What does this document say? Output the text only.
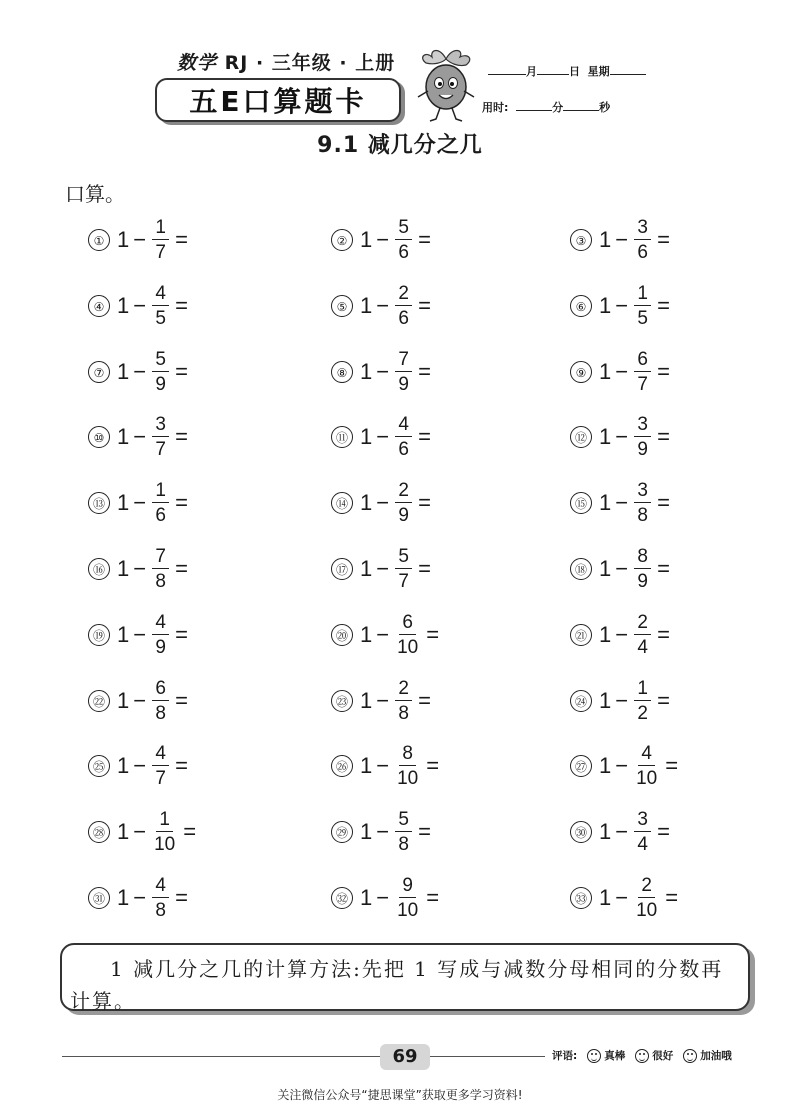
数学 RJ · 三年级 · 上册
五E口算题卡
月	日 星期
用时:	分	秒
9.1 减几分之几
口算。
① $1 - \frac{1}{7}$ =	② $1 - \frac{5}{6}$ =	③ $1 - \frac{3}{6}$ =
④ $1 - \frac{4}{5}$ =	⑤ $1 - \frac{2}{6}$ =	⑥ $1 - \frac{1}{5}$ =
⑦ $1 - \frac{5}{9}$ =	⑧ $1 - \frac{7}{9}$ =	⑨ $1 - \frac{6}{7}$ =
⑩ $1 - \frac{3}{7}$ =	⑪ $1 - \frac{4}{6}$ =	⑫ $1 - \frac{3}{9}$ =
⑬ $1 - \frac{1}{6}$ =	⑭ $1 - \frac{2}{9}$ =	⑮ $1 - \frac{3}{8}$ =
⑯ $1 - \frac{7}{8}$ =	⑰ $1 - \frac{5}{7}$ =	⑱ $1 - \frac{8}{9}$ =
⑲ $1 - \frac{4}{9}$ =	⑳ $1 - \frac{6}{10}$ =	㉑ $1 - \frac{2}{4}$ =
㉒ $1 - \frac{6}{8}$ =	㉓ $1 - \frac{2}{8}$ =	㉔ $1 - \frac{1}{2}$ =
㉕ $1 - \frac{4}{7}$ =	㉖ $1 - \frac{8}{10}$ =	㉗ $1 - \frac{4}{10}$ =
㉘ $1 - \frac{1}{10}$ =	㉙ $1 - \frac{5}{8}$ =	㉚ $1 - \frac{3}{4}$ =
㉛ $1 - \frac{4}{8}$ =	㉜ $1 - \frac{9}{10}$ =	㉝ $1 - \frac{2}{10}$ =
1 减几分之几的计算方法:先把 1 写成与减数分母相同的分数再计算。
69	评语:	真棒	很好	加油哦
关注微信公众号“捷思课堂”获取更多学习资料!
